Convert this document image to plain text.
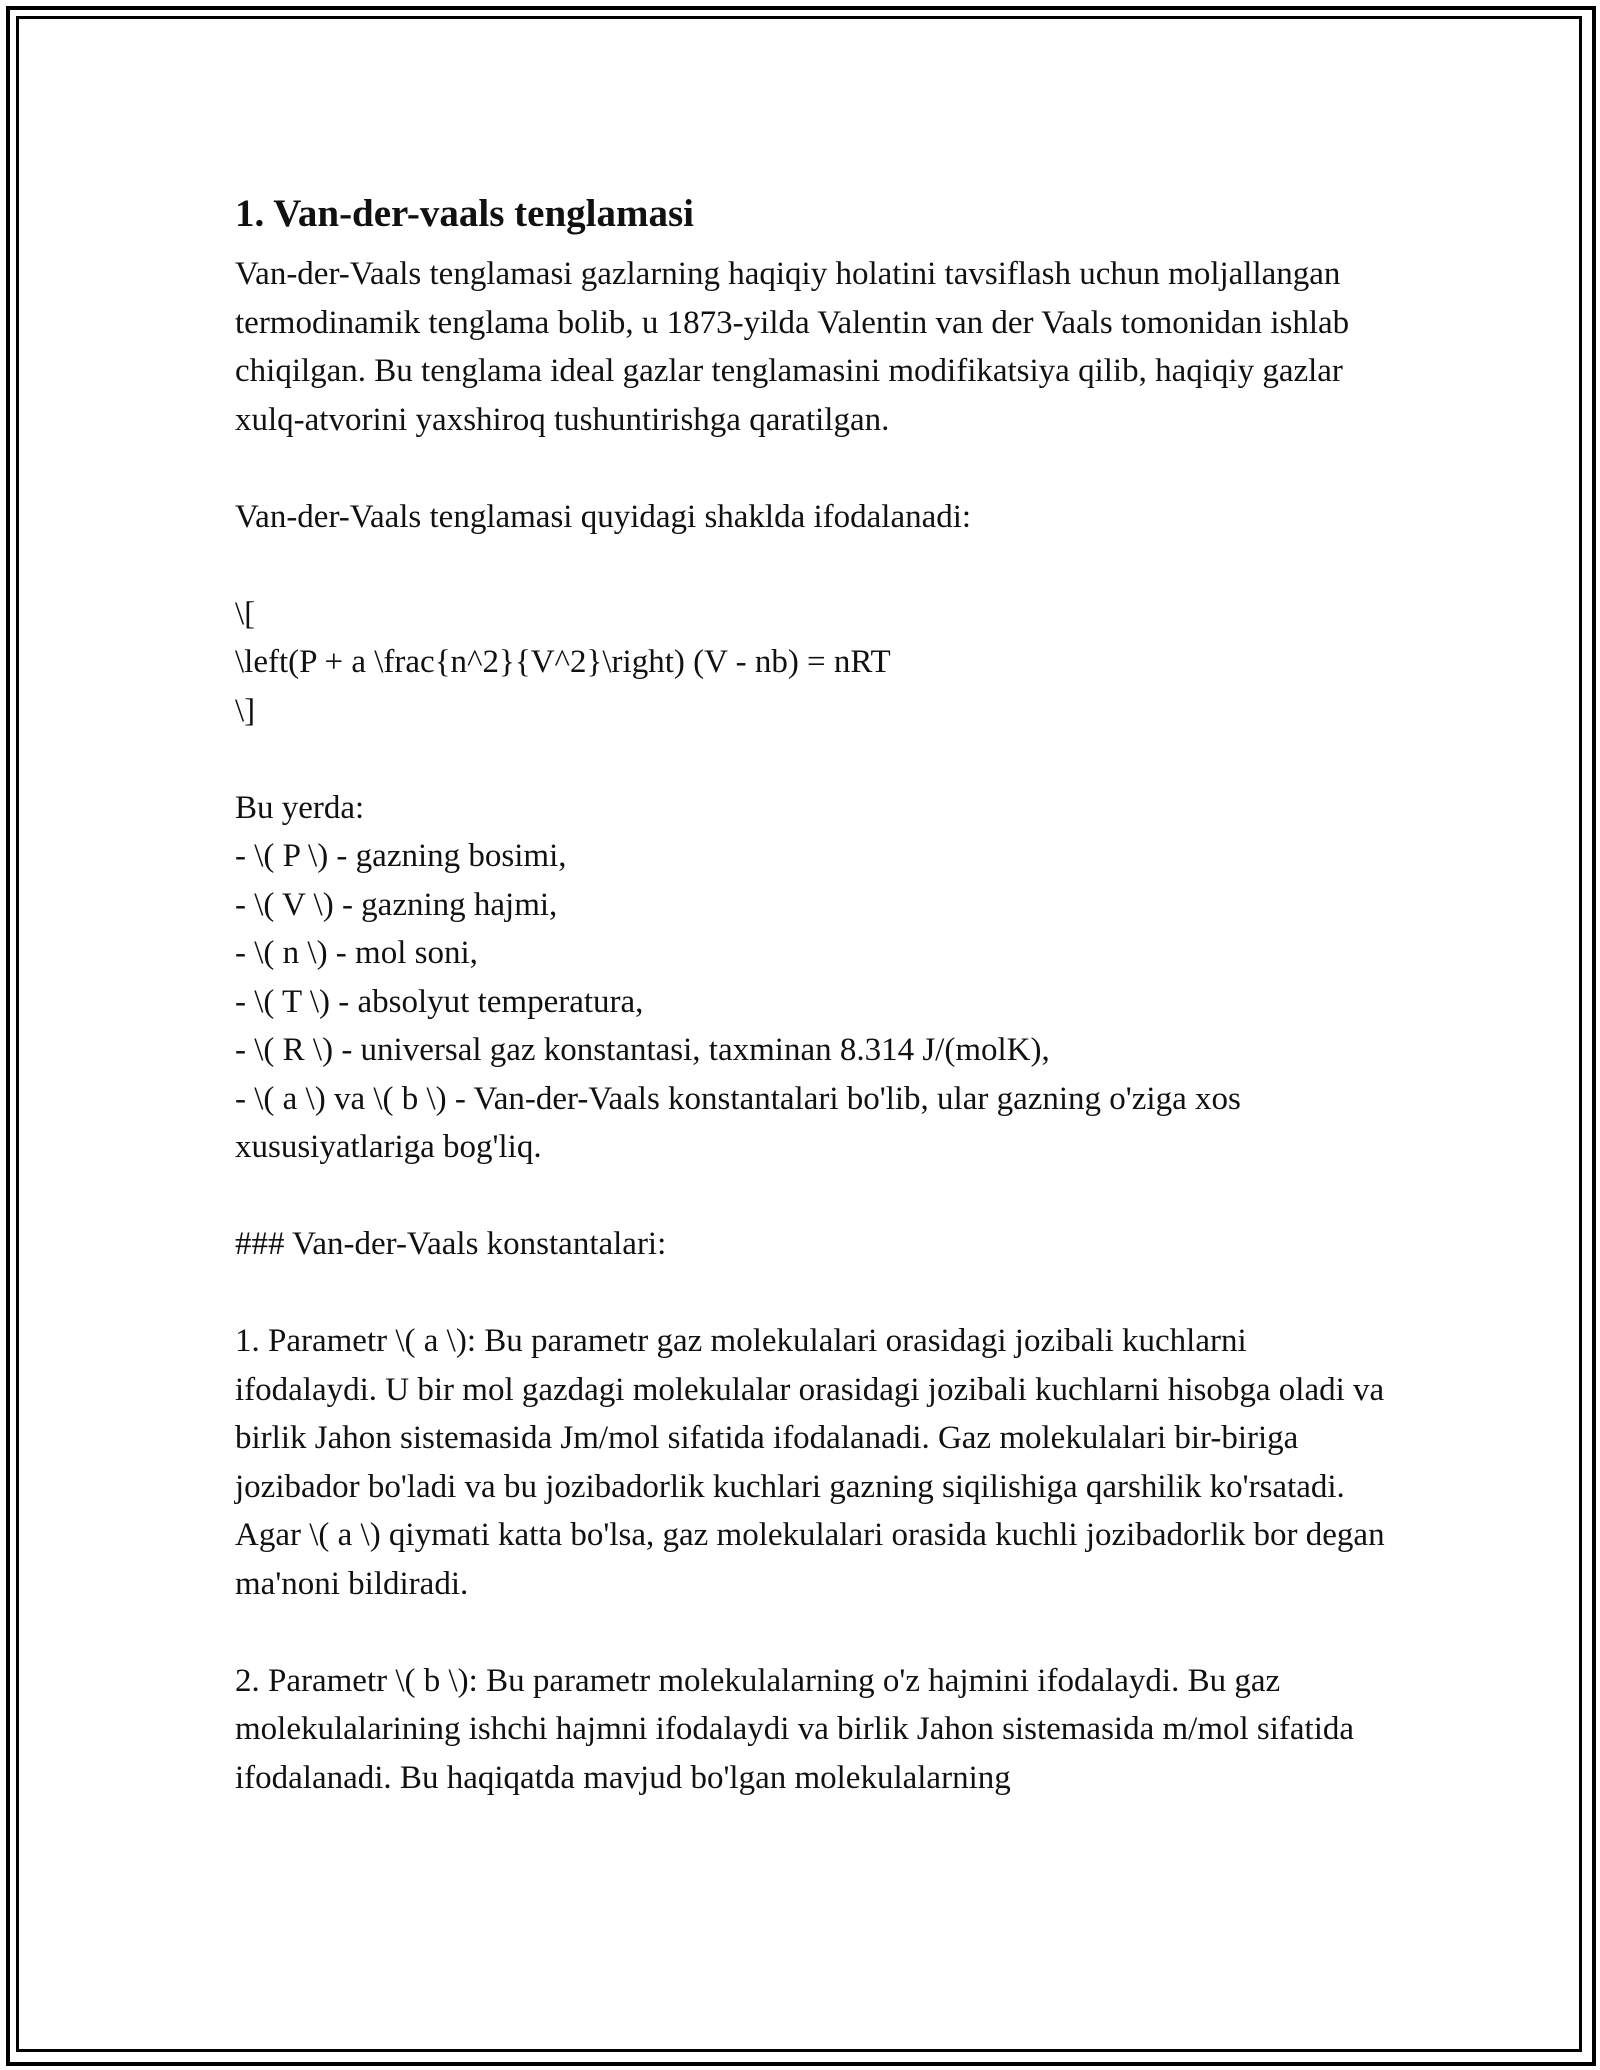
1. Van-der-vaals tenglamasi

Van-der-Vaals tenglamasi gazlarning haqiqiy holatini tavsiflash uchun moljallangan termodinamik tenglama bolib, u 1873-yilda Valentin van der Vaals tomonidan ishlab chiqilgan. Bu tenglama ideal gazlar tenglamasini modifikatsiya qilib, haqiqiy gazlar xulq-atvorini yaxshiroq tushuntirishga qaratilgan.

Van-der-Vaals tenglamasi quyidagi shaklda ifodalanadi:

\[

\left(P + a \frac{n^2}{V^2}\right) (V - nb) = nRT

\]

Bu yerda:

- \( P \) - gazning bosimi,
- \( V \) - gazning hajmi,
- \( n \) - mol soni,
- \( T \) - absolyut temperatura,
- \( R \) - universal gaz konstantasi, taxminan 8.314 J/(molK),
- \( a \) va \( b \) - Van-der-Vaals konstantalari bo'lib, ular gazning o'ziga xos xususiyatlariga bog'liq.

### Van-der-Vaals konstantalari:

1. Parametr \( a \): Bu parametr gaz molekulalari orasidagi jozibali kuchlarni ifodalaydi. U bir mol gazdagi molekulalar orasidagi jozibali kuchlarni hisobga oladi va birlik Jahon sistemasida Jm/mol sifatida ifodalanadi. Gaz molekulalari bir-biriga jozibador bo'ladi va bu jozibadorlik kuchlari gazning siqilishiga qarshilik ko'rsatadi. Agar \( a \) qiymati katta bo'lsa, gaz molekulalari orasida kuchli jozibadorlik bor degan ma'noni bildiradi.

2. Parametr \( b \): Bu parametr molekulalarning o'z hajmini ifodalaydi. Bu gaz molekulalarining ishchi hajmni ifodalaydi va birlik Jahon sistemasida m/mol sifatida ifodalanadi. Bu haqiqatda mavjud bo'lgan molekulalarning
